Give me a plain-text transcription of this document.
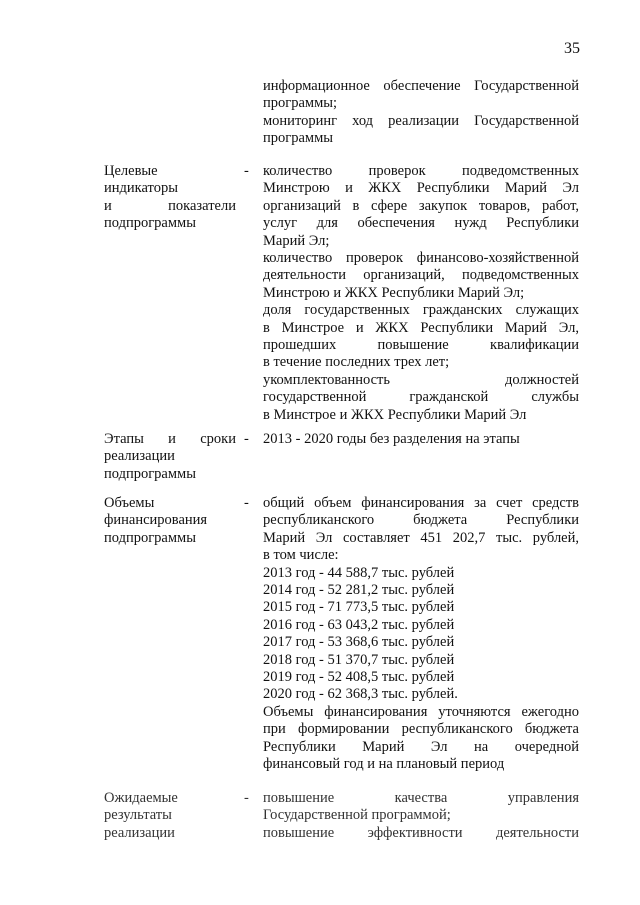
35
информационное обеспечение Государственной
программы;
мониторинг ход реализации Государственной
программы
Целевые
индикаторы
и показатели
подпрограммы
- количество проверок подведомственных
Минстрою и ЖКХ Республики Марий Эл
организаций в сфере закупок товаров, работ,
услуг для обеспечения нужд Республики
Марий Эл;
количество проверок финансово-хозяйственной
деятельности организаций, подведомственных
Минстрою и ЖКХ Республики Марий Эл;
доля государственных гражданских служащих
в Минстрое и ЖКХ Республики Марий Эл,
прошедших повышение квалификации
в течение последних трех лет;
укомплектованность должностей
государственной гражданской службы
в Минстрое и ЖКХ Республики Марий Эл
Этапы и сроки
реализации
подпрограммы
- 2013 - 2020 годы без разделения на этапы
Объемы
финансирования
подпрограммы
- общий объем финансирования за счет средств
республиканского бюджета Республики
Марий Эл составляет 451 202,7 тыс. рублей,
в том числе:
2013 год - 44 588,7 тыс. рублей
2014 год - 52 281,2 тыс. рублей
2015 год - 71 773,5 тыс. рублей
2016 год - 63 043,2 тыс. рублей
2017 год - 53 368,6 тыс. рублей
2018 год - 51 370,7 тыс. рублей
2019 год - 52 408,5 тыс. рублей
2020 год - 62 368,3 тыс. рублей.
Объемы финансирования уточняются ежегодно
при формировании республиканского бюджета
Республики Марий Эл на очередной
финансовый год и на плановый период
Ожидаемые
результаты
реализации
- повышение качества управления
Государственной программой;
повышение эффективности деятельности
